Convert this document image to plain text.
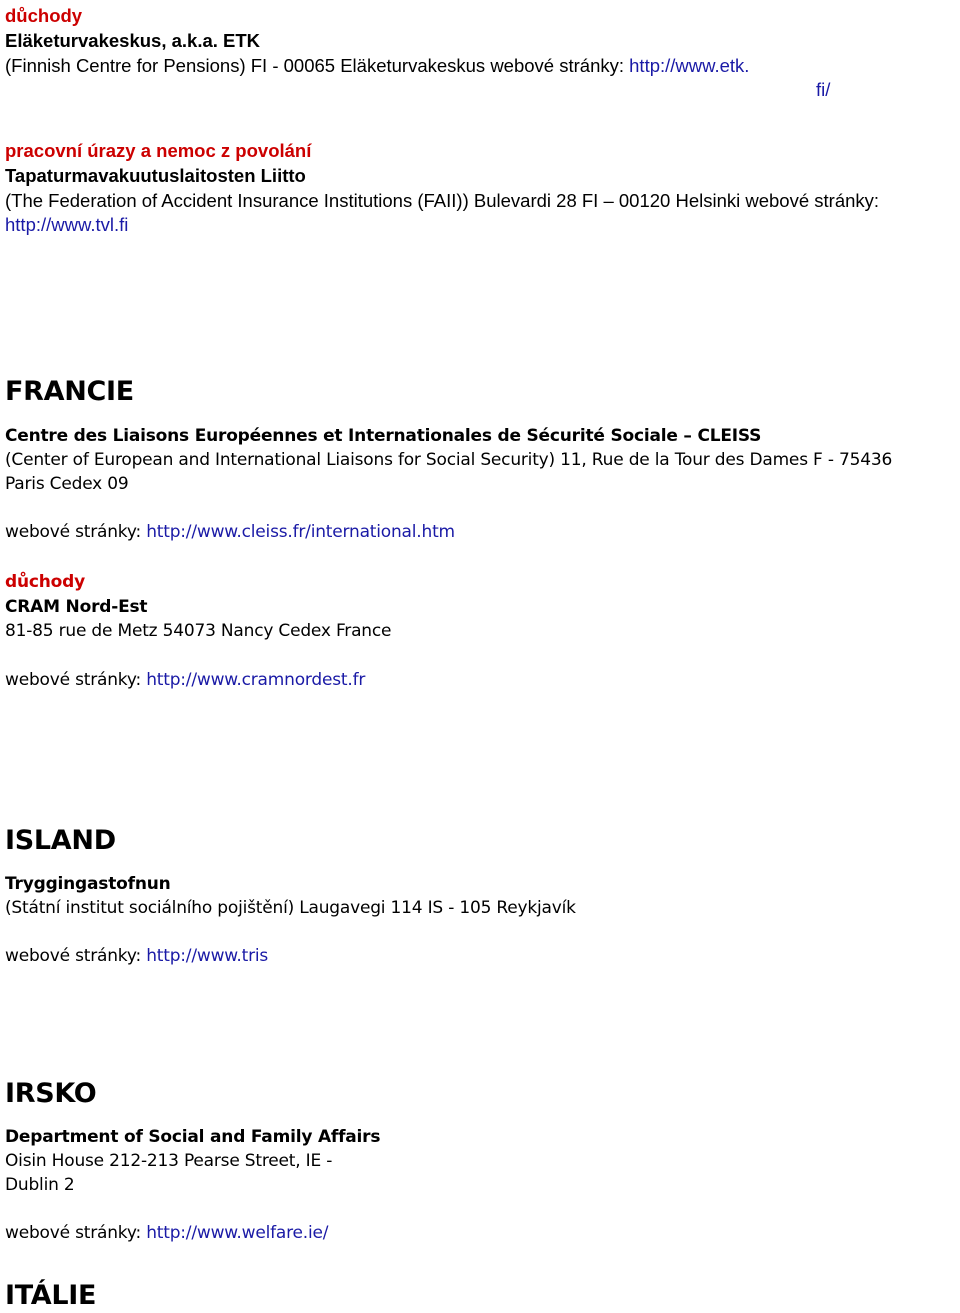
důchody
Eläketurvakeskus, a.k.a. ETK
(Finnish Centre for Pensions) FI - 00065 Eläketurvakeskus webové stránky: http://www.etk.
fi/
pracovní úrazy a nemoc z povolání
Tapaturmavakuutuslaitosten Liitto
(The Federation of Accident Insurance Institutions (FAII)) Bulevardi 28 FI – 00120 Helsinki webové stránky:
http://www.tvl.fi
FRANCIE
Centre des Liaisons Européennes et Internationales de Sécurité Sociale – CLEISS
(Center of European and International Liaisons for Social Security) 11, Rue de la Tour des Dames F - 75436
Paris Cedex 09
webové stránky: http://www.cleiss.fr/international.htm
důchody
CRAM Nord-Est
81-85 rue de Metz 54073 Nancy Cedex France
webové stránky: http://www.cramnordest.fr
ISLAND
Tryggingastofnun
(Státní institut sociálního pojištění) Laugavegi 114 IS - 105 Reykjavík
webové stránky: http://www.tris
IRSKO
Department of Social and Family Affairs
Oisin House 212-213 Pearse Street, IE -
Dublin 2
webové stránky: http://www.welfare.ie/
ITÁLIE
